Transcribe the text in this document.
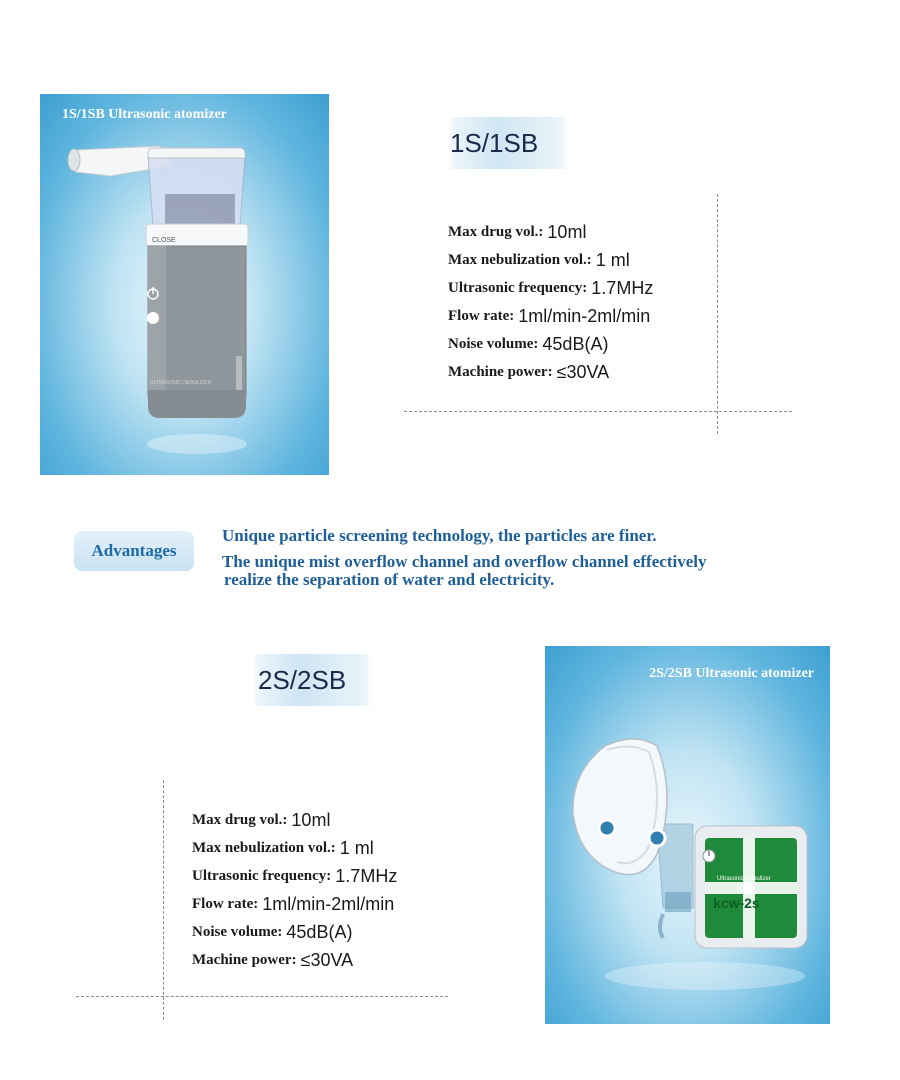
1S/1SB Ultrasonic atomizer
CLOSE
ULTRASONIC NEBULIZER
1S/1SB
Max drug vol.: 10ml
Max nebulization vol.: 1 ml
Ultrasonic frequency: 1.7MHz
Flow rate: 1ml/min-2ml/min
Noise volume: 45dB(A)
Machine power: ≤30VA
Advantages
Unique particle screening technology, the particles are finer.
The unique mist overflow channel and overflow channel effectively
realize the separation of water and electricity.
2S/2SB
Max drug vol.: 10ml
Max nebulization vol.: 1 ml
Ultrasonic frequency: 1.7MHz
Flow rate: 1ml/min-2ml/min
Noise volume: 45dB(A)
Machine power: ≤30VA
2S/2SB Ultrasonic atomizer
Ultrasonic Nebulizer
kcw-2s
